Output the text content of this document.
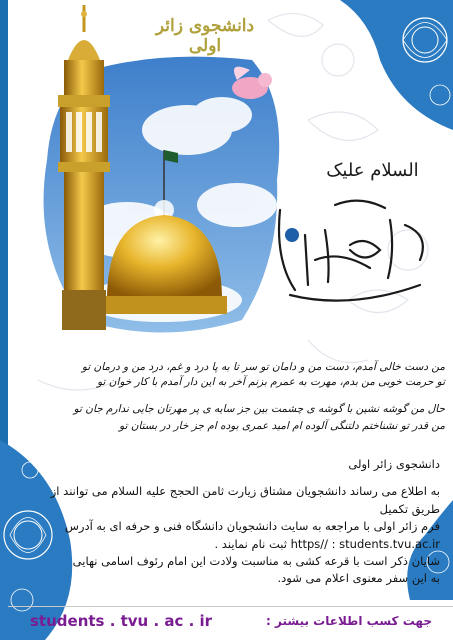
دانشجوی زائر اولی
السلام علیک
من دست خالی آمدم، دست من و دامان تو سر تا به پا درد و غم، درد من و درمان تو
تو حرمت خوبی من بدم، مهرت به عمرم بزنم آخر به این دار آمدم با کار خوان تو
حال من گوشه نشین با گوشه ی چشمت بین جز سایه ی پر مهرتان جایی ندارم جان تو
من قدر تو نشناختم دلتنگی آلوده ام امید عمری بوده ام جز خار در بستان تو

دانشجوی زائر اولی

به اطلاع می رساند دانشجویان مشتاق زیارت ثامن الحجج علیه السلام می توانند از طریق تکمیل

فرم زائر اولی با مراجعه به سایت دانشجویان دانشگاه فنی و حرفه ای به آدرس

https// : students.tvu.ac.ir ثبت نام نمایند .

شایان ذکر است با قرعه کشی به مناسبت ولادت این امام رئوف اسامی نهایی

به این سفر معنوی اعلام می شود.

students . tvu . ac . ir	جهت کسب اطلاعات بیشتر :
